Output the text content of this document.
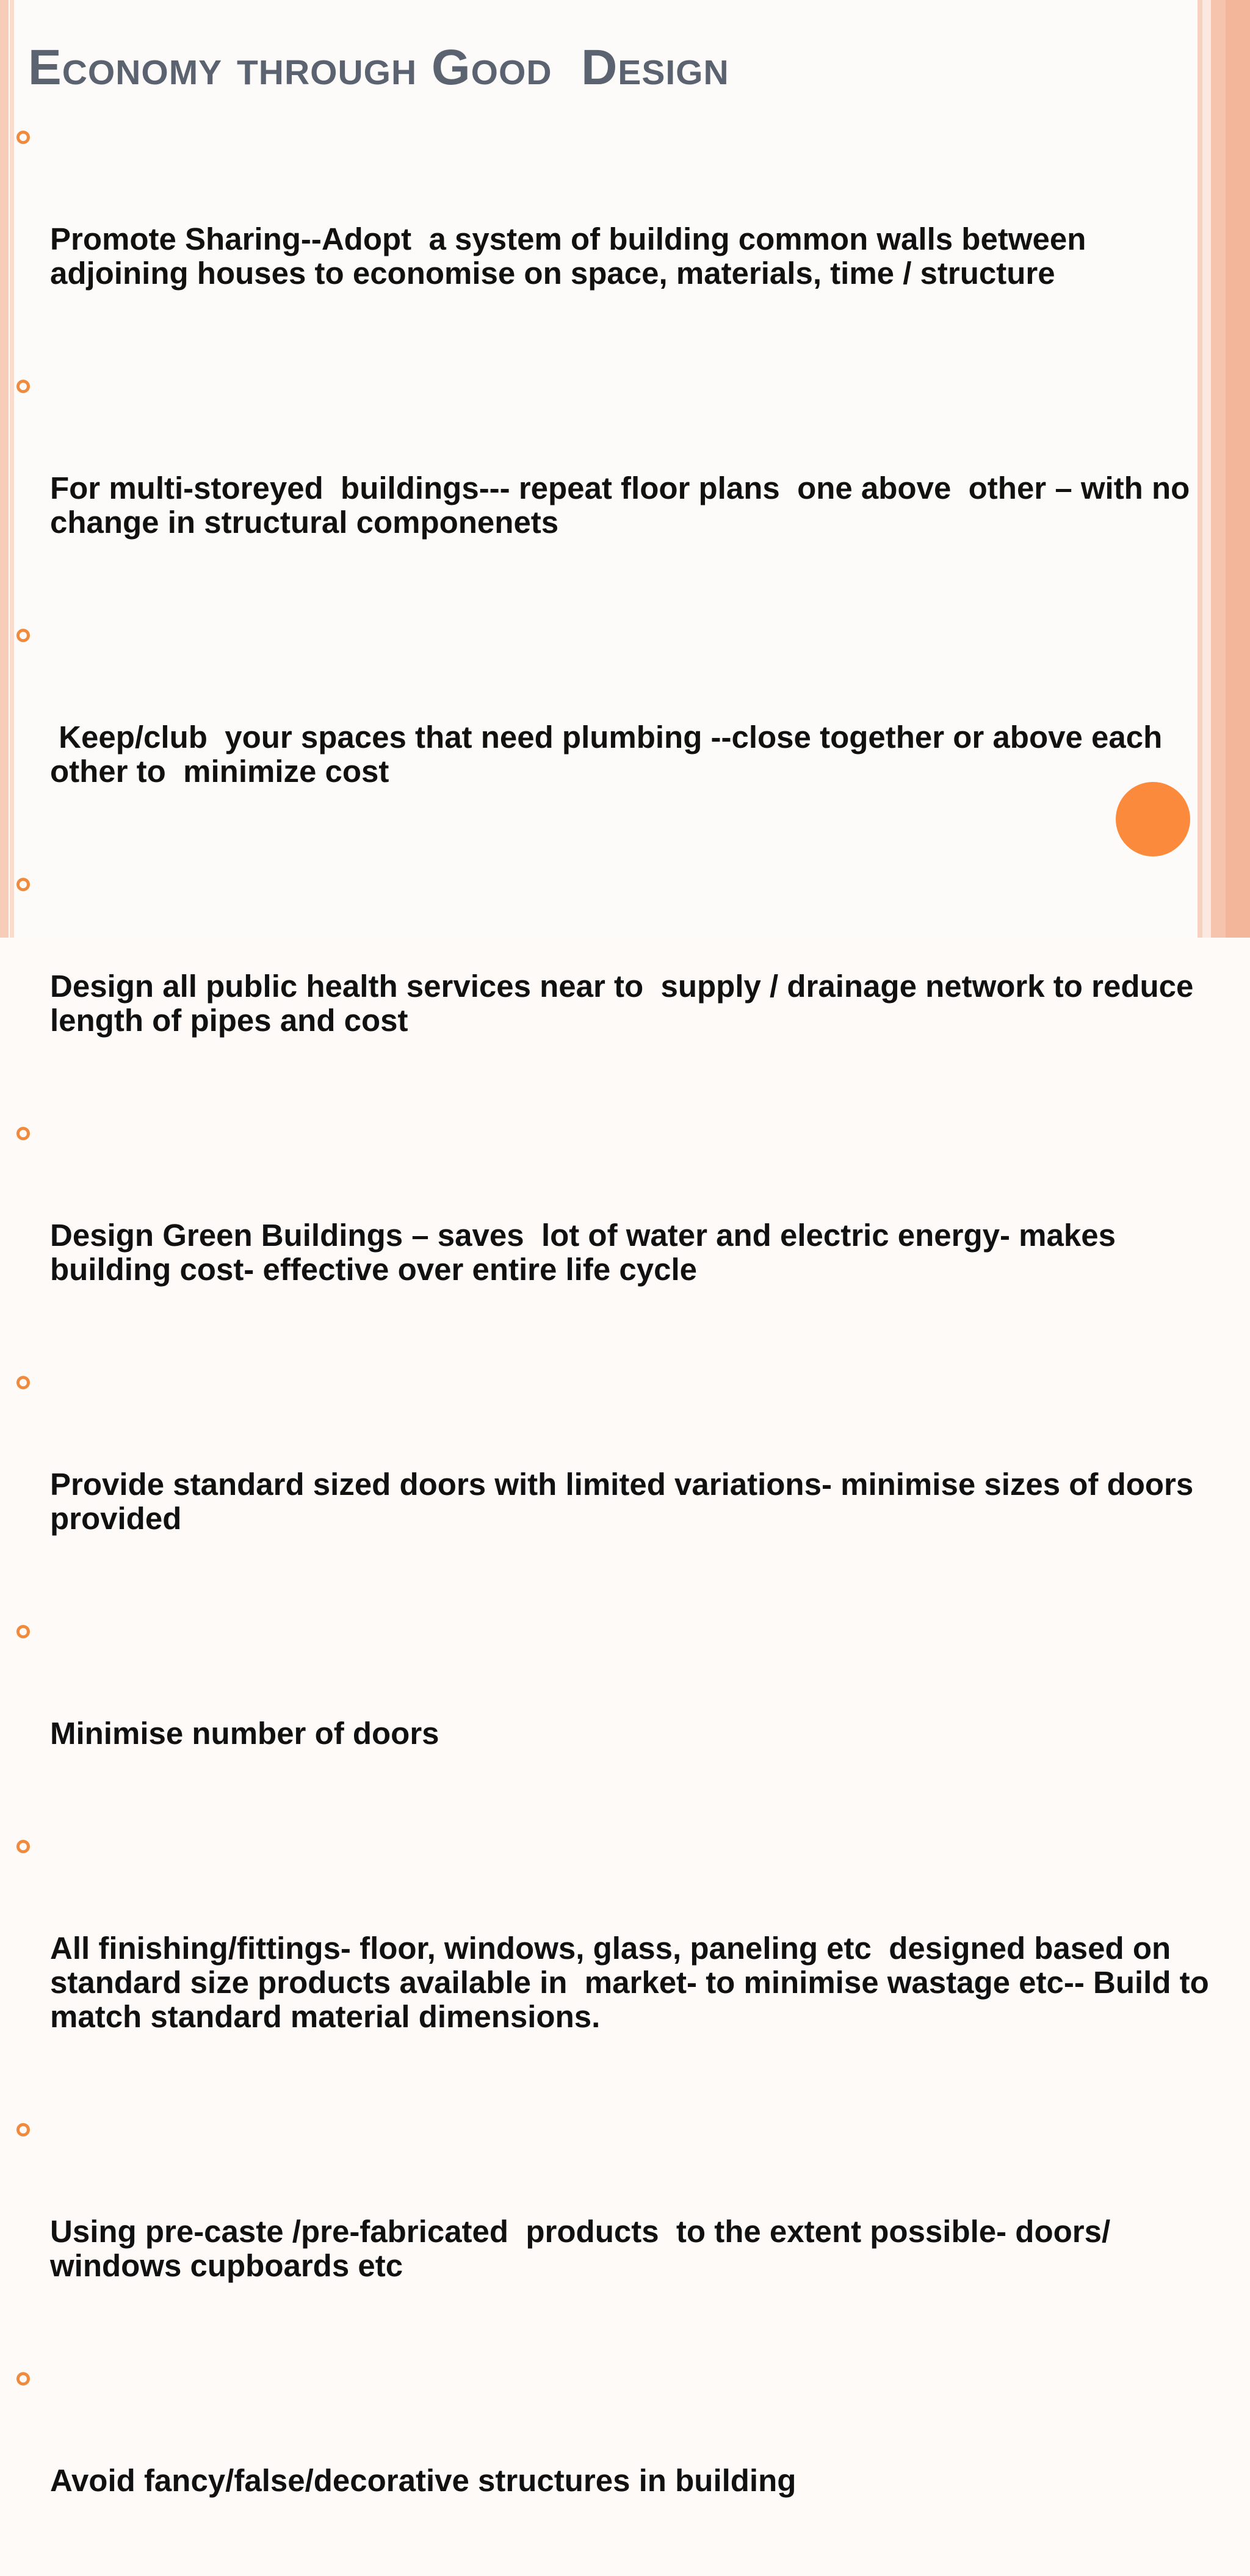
Economy through Good  Design

Promote Sharing--Adopt  a system of building common walls between adjoining houses to economise on space, materials, time / structure

For multi-storeyed  buildings--- repeat floor plans  one above  other – with no change in structural componenets

Keep/club  your spaces that need plumbing --close together or above each other to  minimize cost

Design all public health services near to  supply / drainage network to reduce length of pipes and cost

Design Green Buildings – saves  lot of water and electric energy- makes building cost- effective over entire life cycle

Provide standard sized doors with limited variations- minimise sizes of doors provided

Minimise number of doors

All finishing/fittings- floor, windows, glass, paneling etc  designed based on standard size products available in  market- to minimise wastage etc-- Build to match standard material dimensions.

Using pre-caste /pre-fabricated  products  to the extent possible- doors/ windows cupboards etc

Avoid fancy/false/decorative structures in building
